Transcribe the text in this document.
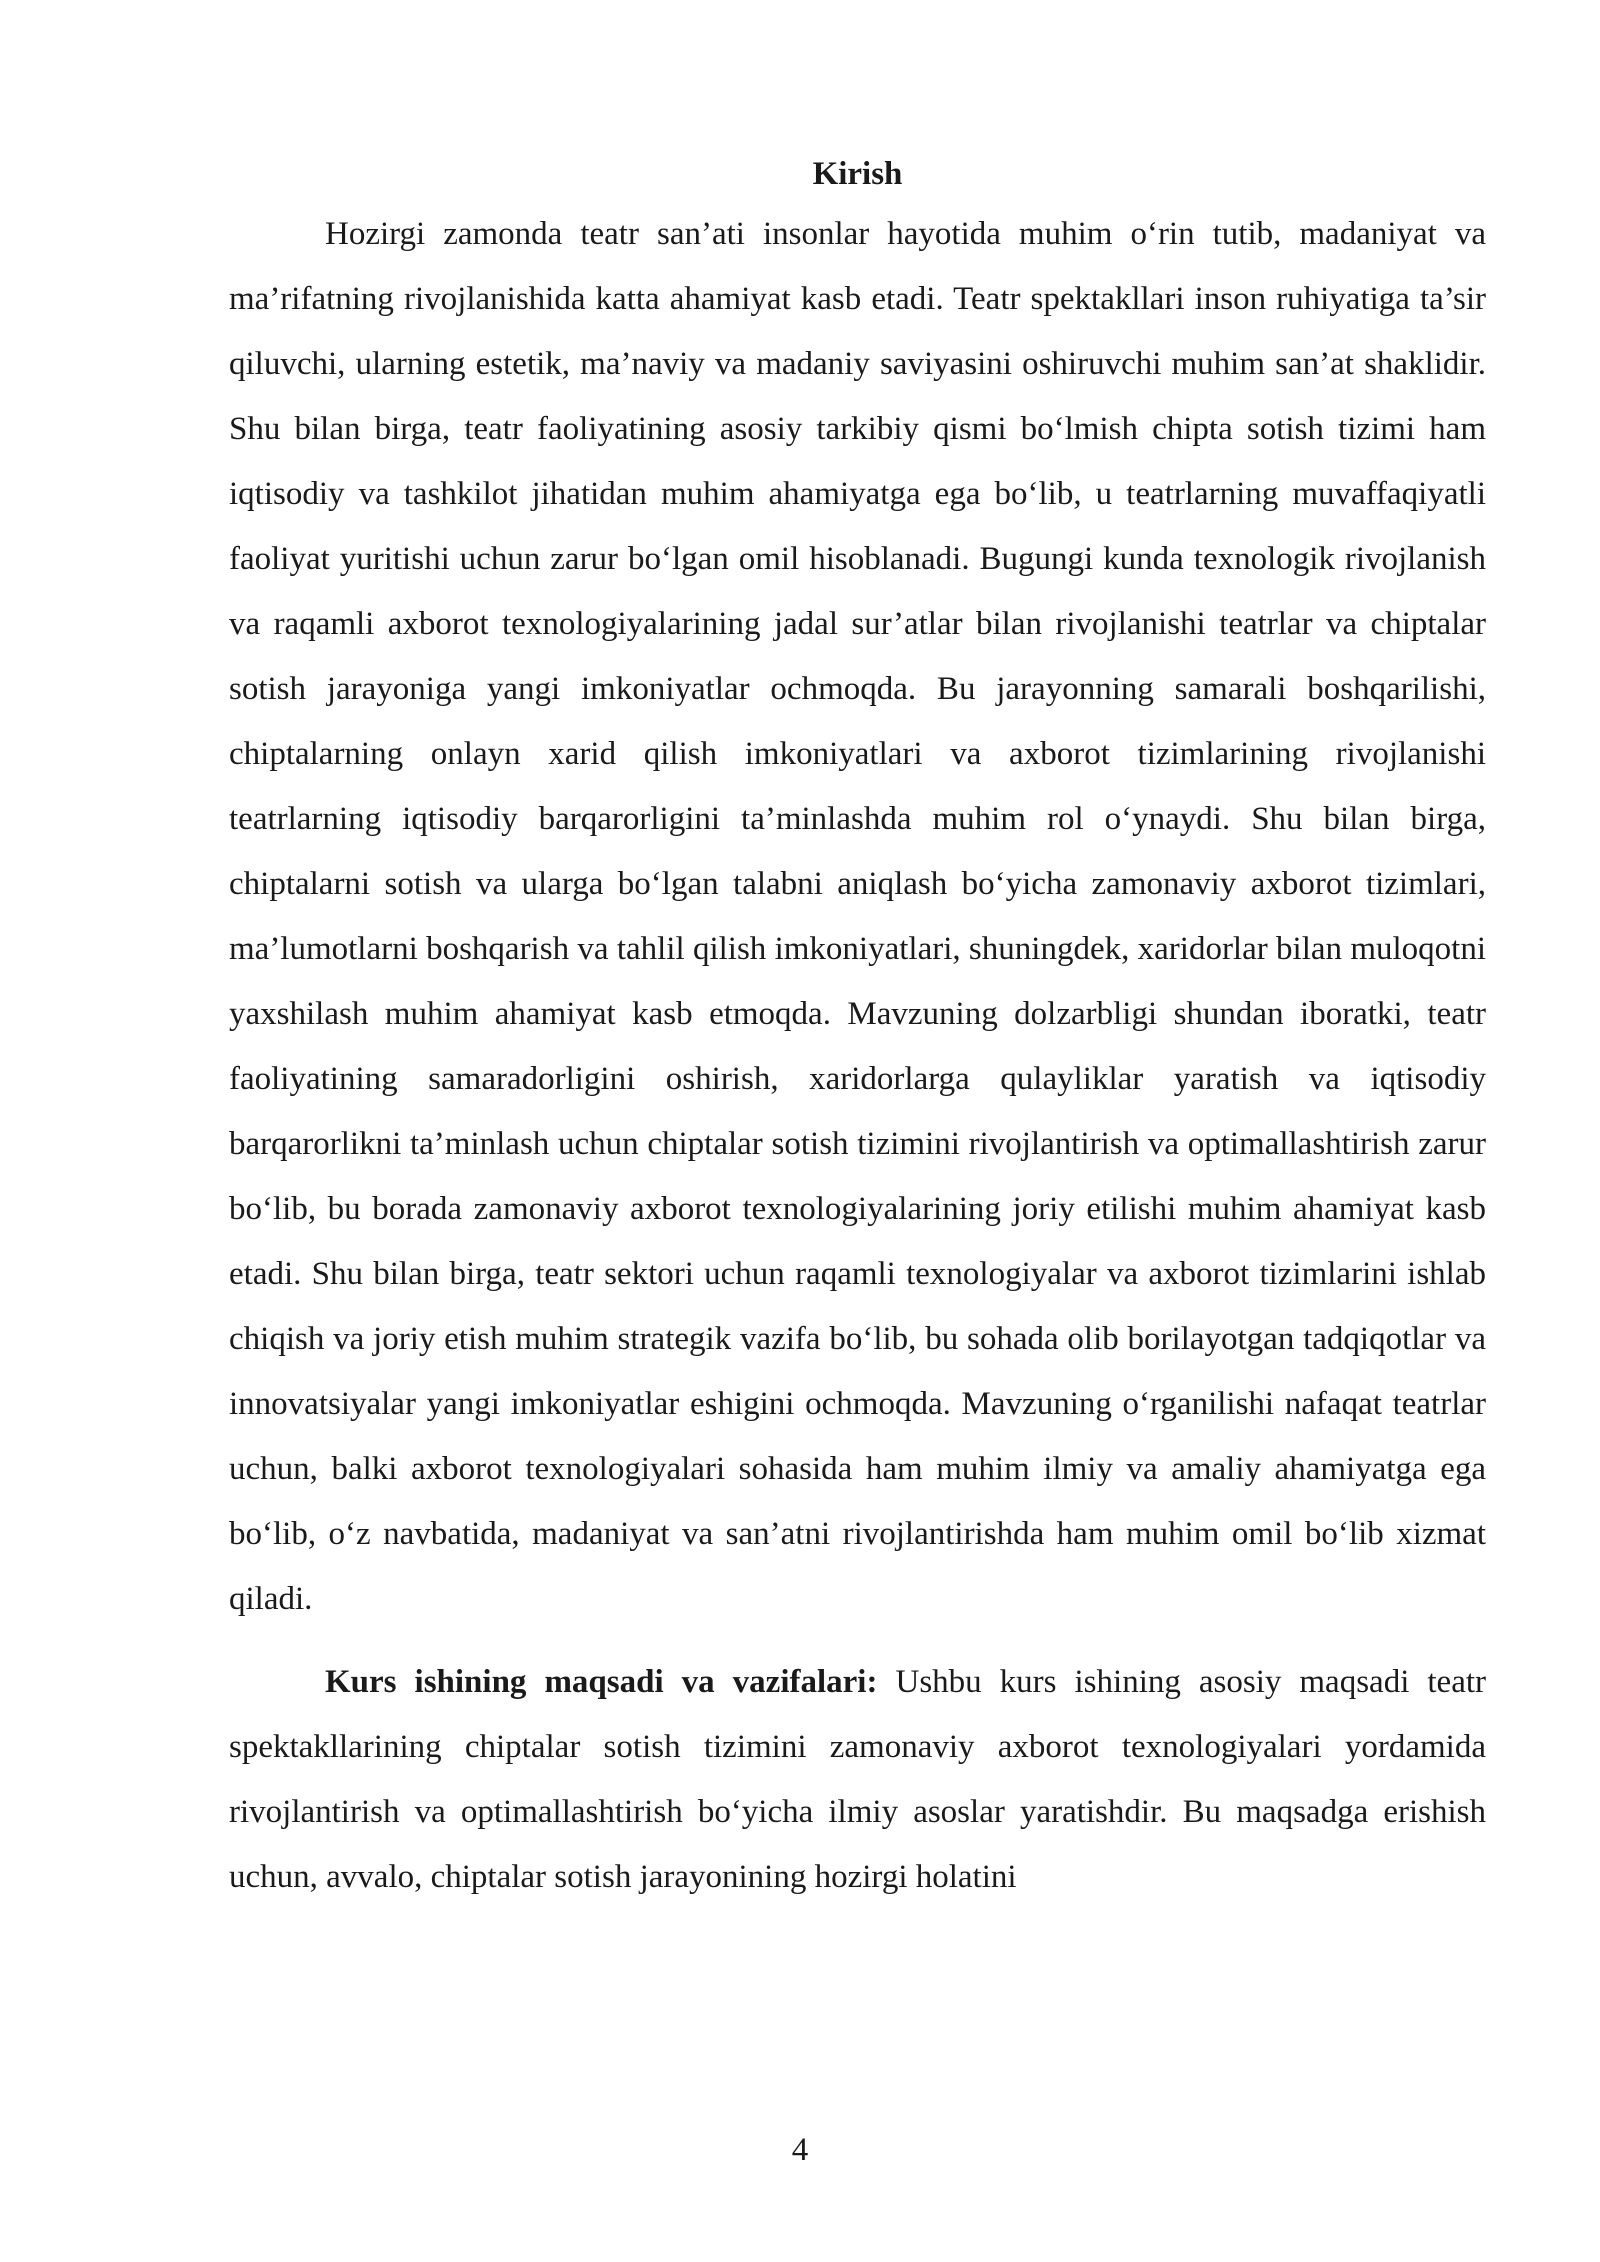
Kirish

Hozirgi zamonda teatr san’ati insonlar hayotida muhim o‘rin tutib, madaniyat va ma’rifatning rivojlanishida katta ahamiyat kasb etadi. Teatr spektakllari inson ruhiyatiga ta’sir qiluvchi, ularning estetik, ma’naviy va madaniy saviyasini oshiruvchi muhim san’at shaklidir. Shu bilan birga, teatr faoliyatining asosiy tarkibiy qismi bo‘lmish chipta sotish tizimi ham iqtisodiy va tashkilot jihatidan muhim ahamiyatga ega bo‘lib, u teatrlarning muvaffaqiyatli faoliyat yuritishi uchun zarur bo‘lgan omil hisoblanadi. Bugungi kunda texnologik rivojlanish va raqamli axborot texnologiyalarining jadal sur’atlar bilan rivojlanishi teatrlar va chiptalar sotish jarayoniga yangi imkoniyatlar ochmoqda. Bu jarayonning samarali boshqarilishi, chiptalarning onlayn xarid qilish imkoniyatlari va axborot tizimlarining rivojlanishi teatrlarning iqtisodiy barqarorligini ta’minlashda muhim rol o‘ynaydi. Shu bilan birga, chiptalarni sotish va ularga bo‘lgan talabni aniqlash bo‘yicha zamonaviy axborot tizimlari, ma’lumotlarni boshqarish va tahlil qilish imkoniyatlari, shuningdek, xaridorlar bilan muloqotni yaxshilash muhim ahamiyat kasb etmoqda. Mavzuning dolzarbligi shundan iboratki, teatr faoliyatining samaradorligini oshirish, xaridorlarga qulayliklar yaratish va iqtisodiy barqarorlikni ta’minlash uchun chiptalar sotish tizimini rivojlantirish va optimallashtirish zarur bo‘lib, bu borada zamonaviy axborot texnologiyalarining joriy etilishi muhim ahamiyat kasb etadi. Shu bilan birga, teatr sektori uchun raqamli texnologiyalar va axborot tizimlarini ishlab chiqish va joriy etish muhim strategik vazifa bo‘lib, bu sohada olib borilayotgan tadqiqotlar va innovatsiyalar yangi imkoniyatlar eshigini ochmoqda. Mavzuning o‘rganilishi nafaqat teatrlar uchun, balki axborot texnologiyalari sohasida ham muhim ilmiy va amaliy ahamiyatga ega bo‘lib, o‘z navbatida, madaniyat va san’atni rivojlantirishda ham muhim omil bo‘lib xizmat qiladi.

Kurs ishining maqsadi va vazifalari: Ushbu kurs ishining asosiy maqsadi teatr spektakllarining chiptalar sotish tizimini zamonaviy axborot texnologiyalari yordamida rivojlantirish va optimallashtirish bo‘yicha ilmiy asoslar yaratishdir. Bu maqsadga erishish uchun, avvalo, chiptalar sotish jarayonining hozirgi holatini

4
